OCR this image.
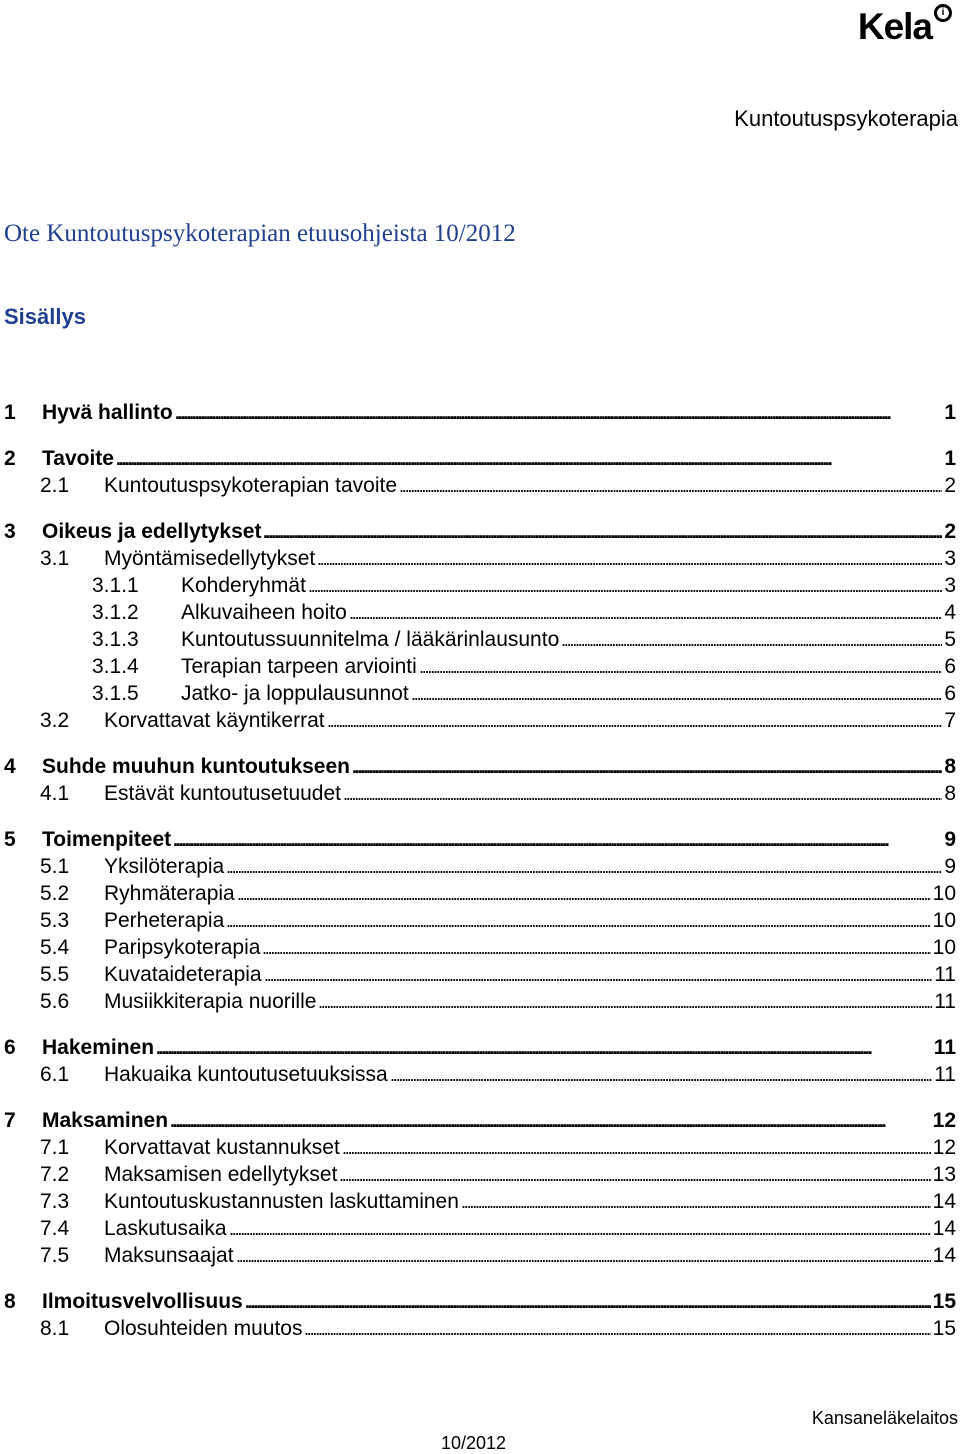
Kela i
Kuntoutuspsykoterapia
Ote Kuntoutuspsykoterapian etuusohjeista 10/2012
Sisällys
1 Hyvä hallinto . . .	1
2 Tavoite . . .	1
2.1 Kuntoutuspsykoterapian tavoite . . .	2
3 Oikeus ja edellytykset . . .	2
3.1 Myöntämisedellytykset . . .	3
3.1.1 Kohderyhmät . . .	3
3.1.2 Alkuvaiheen hoito . . .	4
3.1.3 Kuntoutussuunnitelma / lääkärinlausunto . . .	5
3.1.4 Terapian tarpeen arviointi . . .	6
3.1.5 Jatko- ja loppulausunnot . . .	6
3.2 Korvattavat käyntikerrat . . .	7
4 Suhde muuhun kuntoutukseen . . .	8
4.1 Estävät kuntoutusetuudet . . .	8
5 Toimenpiteet . . .	9
5.1 Yksilöterapia . . .	9
5.2 Ryhmäterapia . . .	10
5.3 Perheterapia . . .	10
5.4 Paripsykoterapia . . .	10
5.5 Kuvataideterapia . . .	11
5.6 Musiikkiterapia nuorille . . .	11
6 Hakeminen . . .	11
6.1 Hakuaika kuntoutusetuuksissa . . .	11
7 Maksaminen . . .	12
7.1 Korvattavat kustannukset . . .	12
7.2 Maksamisen edellytykset . . .	13
7.3 Kuntoutuskustannusten laskuttaminen . . .	14
7.4 Laskutusaika . . .	14
7.5 Maksunsaajat . . .	14
8 Ilmoitusvelvollisuus . . .	15
8.1 Olosuhteiden muutos . . .	15
Kansaneläkelaitos
10/2012
